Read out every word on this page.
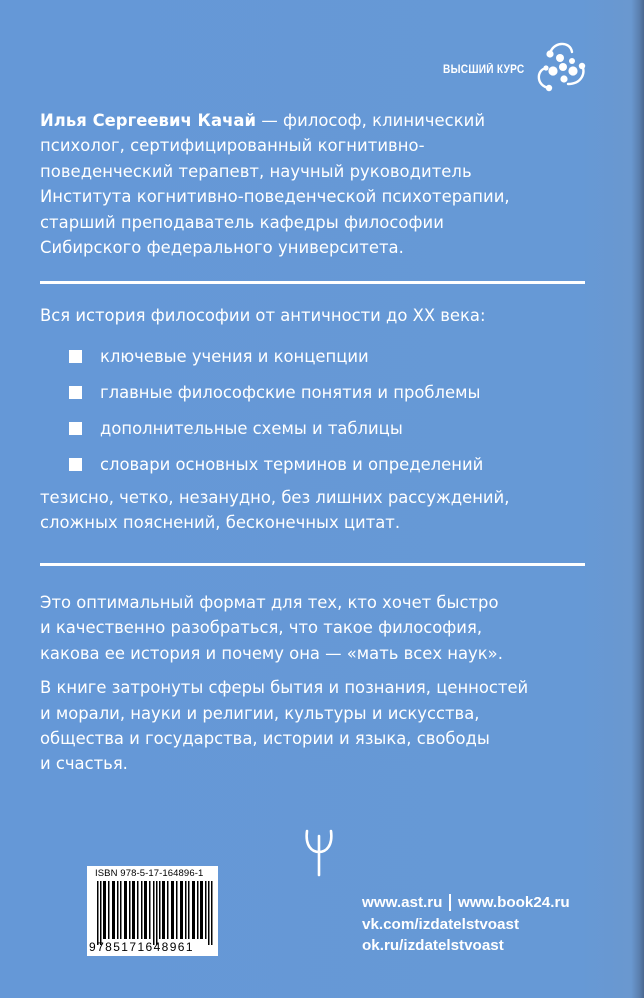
ВЫСШИЙ КУРС
Илья Сергеевич Качай — философ, клинический
психолог, сертифицированный когнитивно-
поведенческий терапевт, научный руководитель
Института когнитивно-поведенческой психотерапии,
старший преподаватель кафедры философии
Сибирского федерального университета.

Вся история философии от античности до XX века:

ключевые учения и концепции
главные философские понятия и проблемы
дополнительные схемы и таблицы
словари основных терминов и определений
тезисно, четко, незанудно, без лишних рассуждений,
сложных пояснений, бесконечных цитат.

Это оптимальный формат для тех, кто хочет быстро
и качественно разобраться, что такое философия,
какова ее история и почему она — «мать всех наук».

В книге затронуты сферы бытия и познания, ценностей
и морали, науки и религии, культуры и искусства,
общества и государства, истории и языка, свободы
и счастья.

www.ast.ru www.book24.ru
vk.com/izdatelstvoast
ok.ru/izdatelstvoast
ISBN 978-5-17-164896-1
9785171648961
